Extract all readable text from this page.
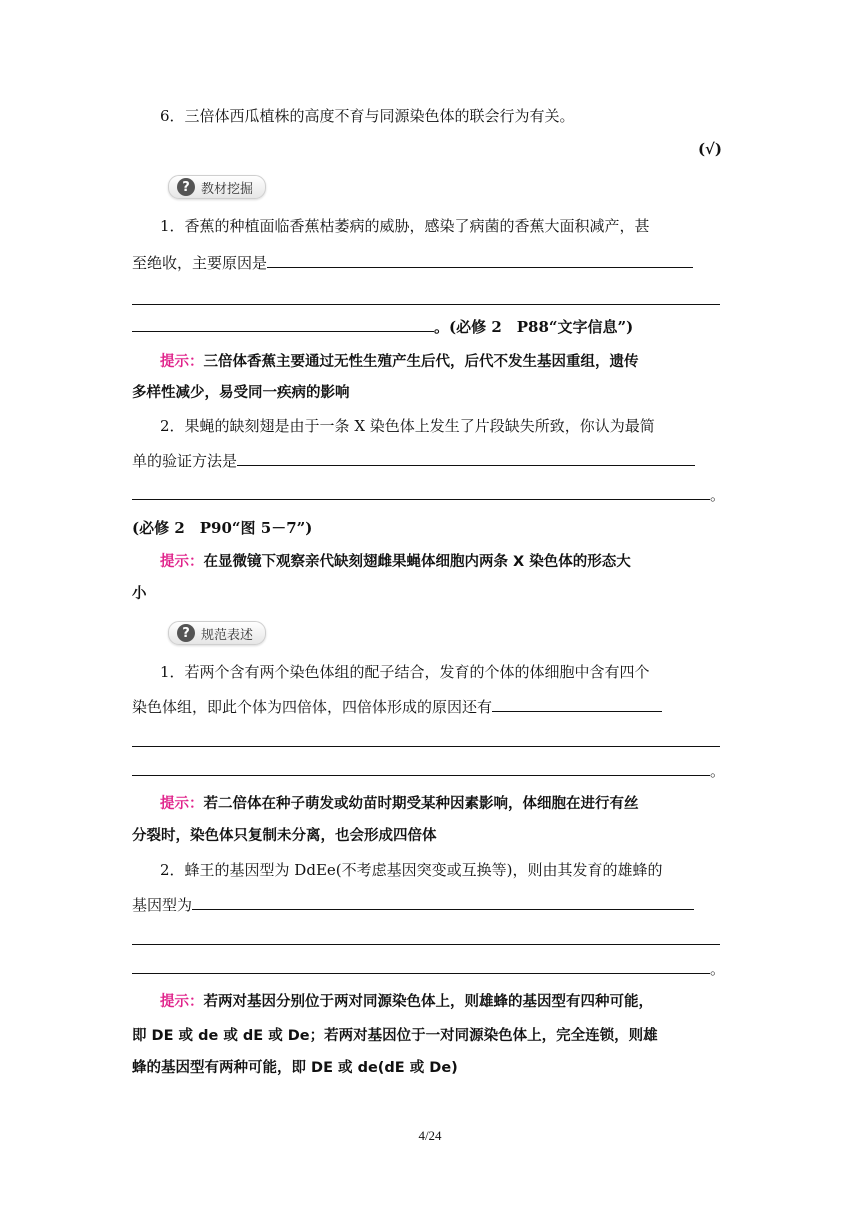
6．三倍体西瓜植株的高度不育与同源染色体的联会行为有关。
(√)
? 教材挖掘
1．香蕉的种植面临香蕉枯萎病的威胁，感染了病菌的香蕉大面积减产，甚
至绝收，主要原因是
。(必修 2　P88“文字信息”)
提示：三倍体香蕉主要通过无性生殖产生后代，后代不发生基因重组，遗传
多样性减少，易受同一疾病的影响
2．果蝇的缺刻翅是由于一条 X 染色体上发生了片段缺失所致，你认为最简
单的验证方法是
。
(必修 2　P90“图 5－7”)
提示：在显微镜下观察亲代缺刻翅雌果蝇体细胞内两条 X 染色体的形态大
小
? 规范表述
1．若两个含有两个染色体组的配子结合，发育的个体的体细胞中含有四个
染色体组，即此个体为四倍体，四倍体形成的原因还有
。
提示：若二倍体在种子萌发或幼苗时期受某种因素影响，体细胞在进行有丝
分裂时，染色体只复制未分离，也会形成四倍体
2．蜂王的基因型为 DdEe(不考虑基因突变或互换等)，则由其发育的雄蜂的
基因型为
。
提示：若两对基因分别位于两对同源染色体上，则雄蜂的基因型有四种可能，
即 DE 或 de 或 dE 或 De；若两对基因位于一对同源染色体上，完全连锁，则雄
蜂的基因型有两种可能，即 DE 或 de(dE 或 De)
4/24
